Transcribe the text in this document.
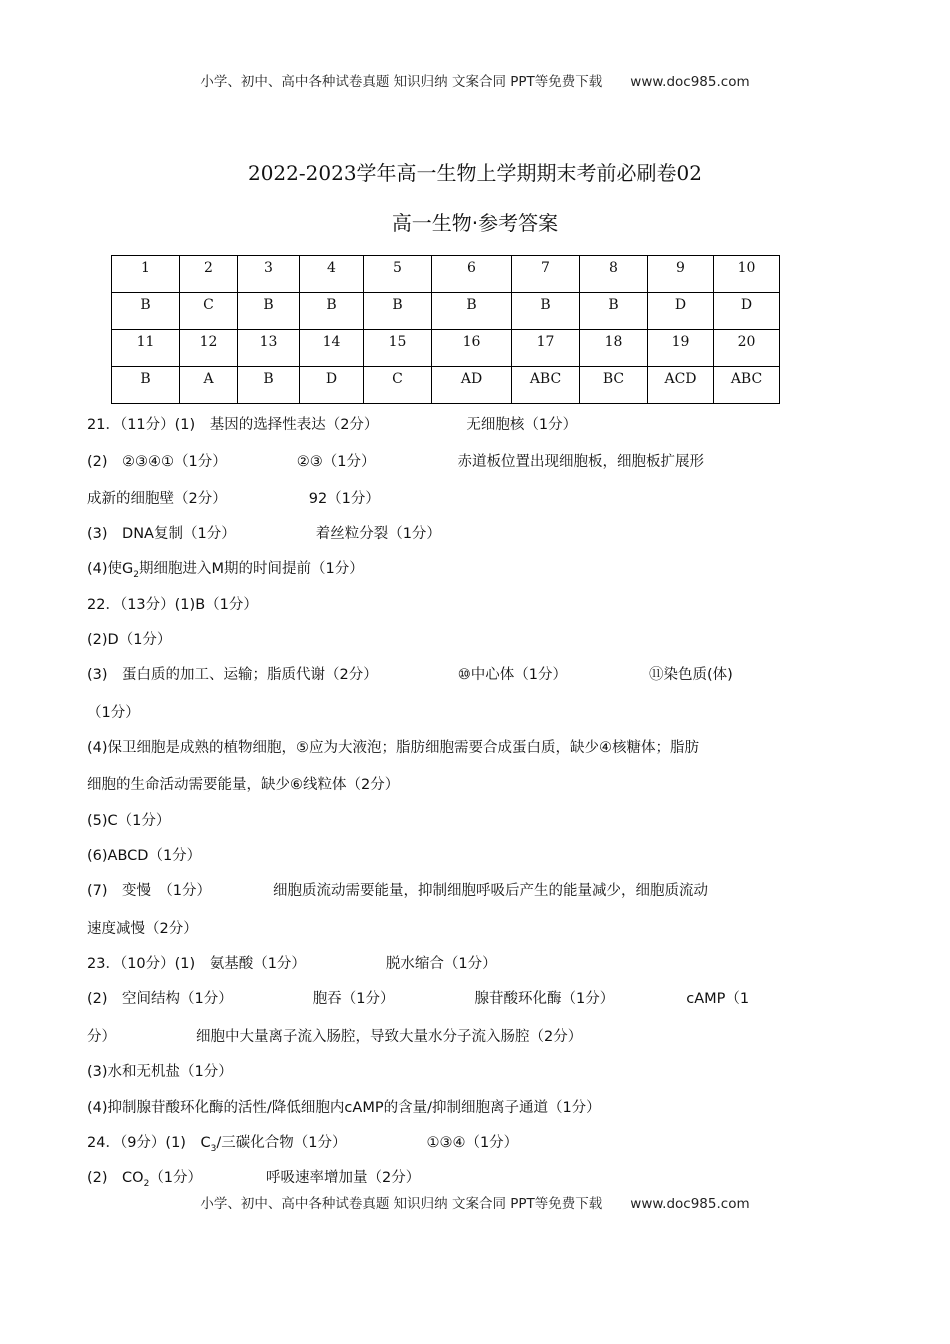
小学、初中、高中各种试卷真题 知识归纳 文案合同 PPT等免费下载 www.doc985.com
2022-2023学年高一生物上学期期末考前必刷卷02
高一生物·参考答案
1	2	3	4	5	6	7	8	9	10
B	C	B	B	B	B	B	B	D	D
11	12	13	14	15	16	17	18	19	20
B	A	B	D	C	AD	ABC	BC	ACD	ABC
21．（11分）(1)　基因的选择性表达（2分）	无细胞核（1分）
(2)　②③④①（1分）	②③（1分）	赤道板位置出现细胞板，细胞板扩展形
成新的细胞壁（2分）	92（1分）
(3)　DNA复制（1分）	着丝粒分裂（1分）
(4)使$G_2$期细胞进入M期的时间提前（1分）
22．（13分）(1)B（1分）
(2)D（1分）
(3)　蛋白质的加工、运输；脂质代谢（2分）	⑩中心体（1分）	⑪染色质(体)
（1分）
(4)保卫细胞是成熟的植物细胞，⑤应为大液泡；脂肪细胞需要合成蛋白质，缺少④核糖体；脂肪
细胞的生命活动需要能量，缺少⑥线粒体（2分）
(5)C（1分）
(6)ABCD（1分）
(7)　变慢　（1分）	细胞质流动需要能量，抑制细胞呼吸后产生的能量减少，细胞质流动
速度减慢（2分）
23．（10分）(1)　氨基酸（1分）	脱水缩合（1分）
(2)　空间结构（1分）	胞吞（1分）	腺苷酸环化酶（1分）	cAMP（1
分）	细胞中大量离子流入肠腔，导致大量水分子流入肠腔（2分）
(3)水和无机盐（1分）
(4)抑制腺苷酸环化酶的活性/降低细胞内cAMP的含量/抑制细胞离子通道（1分）
24．（9分）(1)　$C_3/$三碳化合物（1分）	①③④（1分）
(2)　$CO_2(1$分）	呼吸速率增加量（2分）
小学、初中、高中各种试卷真题 知识归纳 文案合同 PPT等免费下载 www.doc985.com
